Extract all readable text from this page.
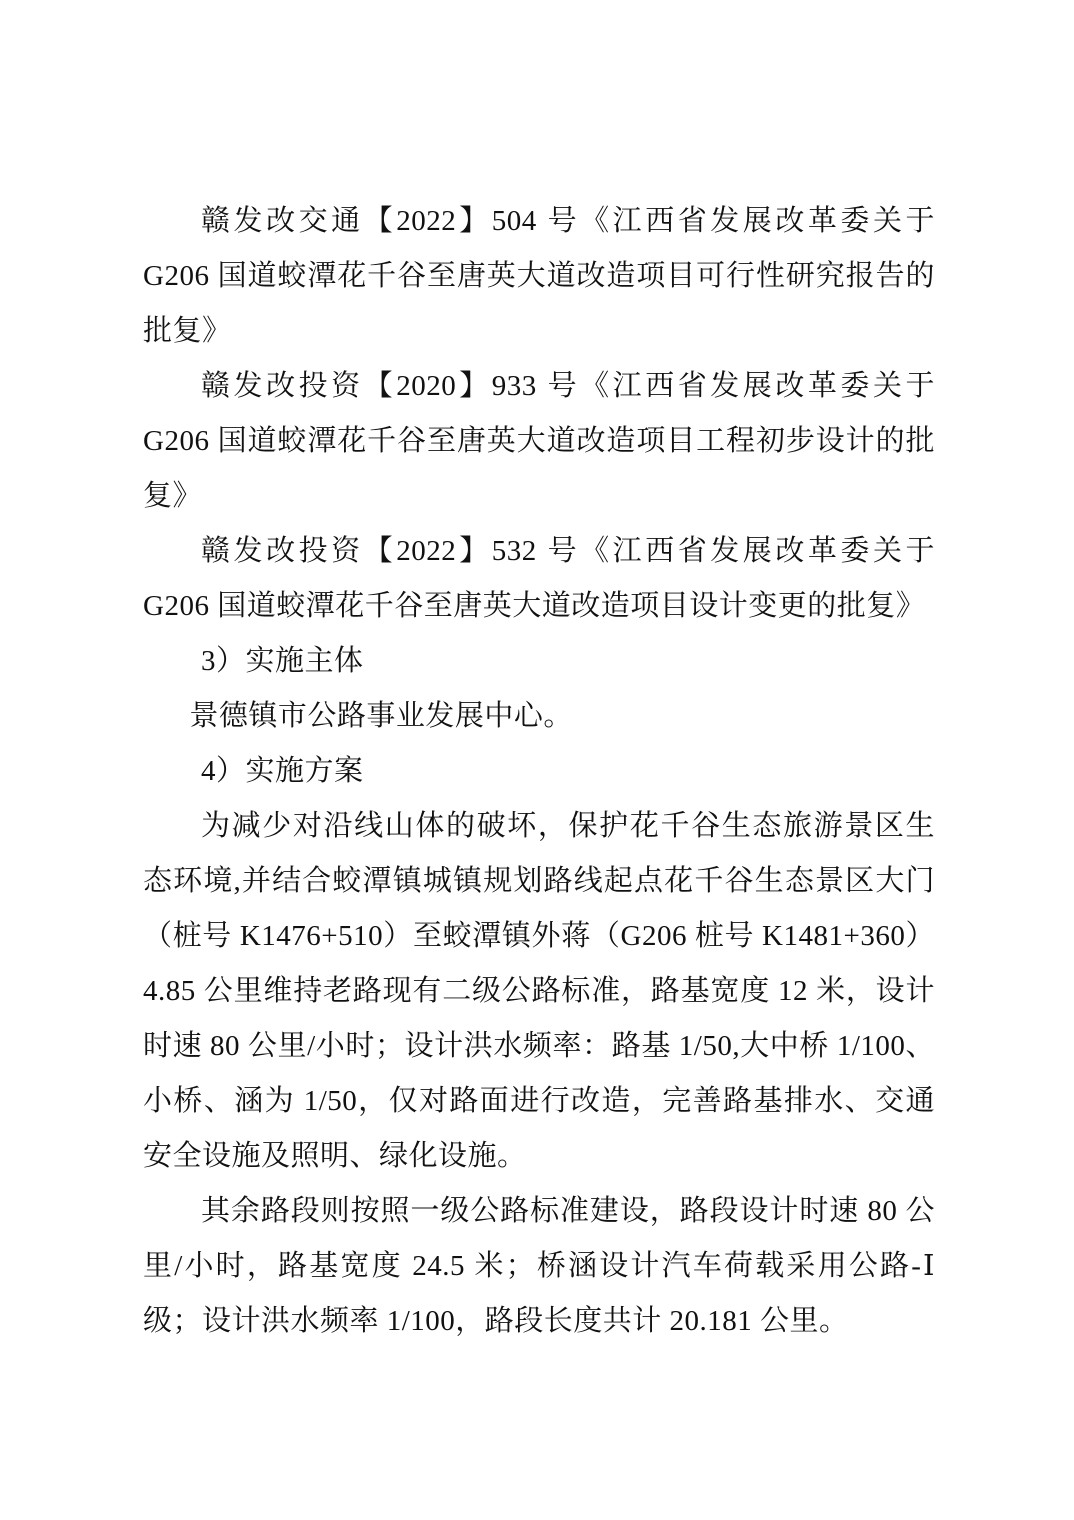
赣发改交通【2022】504 号《江西省发展改革委关于 G206 国道蛟潭花千谷至唐英大道改造项目可行性研究报告的批复》

赣发改投资【2020】933 号《江西省发展改革委关于 G206 国道蛟潭花千谷至唐英大道改造项目工程初步设计的批复》

赣发改投资【2022】532 号《江西省发展改革委关于 G206 国道蛟潭花千谷至唐英大道改造项目设计变更的批复》

3）实施主体

景德镇市公路事业发展中心。

4）实施方案

为减少对沿线山体的破坏，保护花千谷生态旅游景区生态环境,并结合蛟潭镇城镇规划路线起点花千谷生态景区大门（桩号 K1476+510）至蛟潭镇外蒋（G206 桩号 K1481+360）4.85 公里维持老路现有二级公路标准，路基宽度 12 米，设计时速 80 公里/小时；设计洪水频率：路基 1/50,大中桥 1/100、小桥、涵为 1/50，仅对路面进行改造，完善路基排水、交通安全设施及照明、绿化设施。

其余路段则按照一级公路标准建设，路段设计时速 80 公里/小时，路基宽度 24.5 米；桥涵设计汽车荷载采用公路-Ⅰ级；设计洪水频率 1/100，路段长度共计 20.181 公里。
